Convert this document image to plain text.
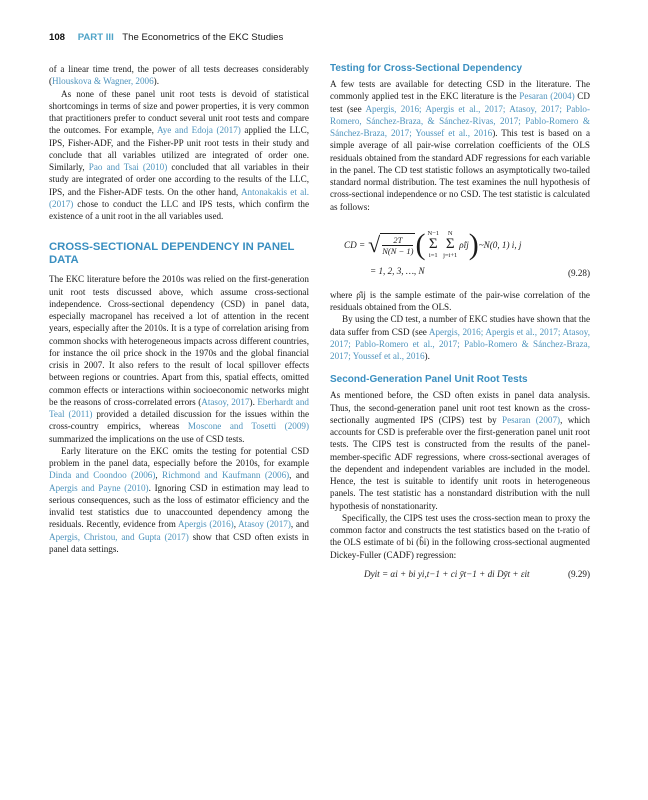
108 PART III The Econometrics of the EKC Studies

of a linear time trend, the power of all tests decreases considerably (Hlouskova & Wagner, 2006).

As none of these panel unit root tests is devoid of statistical shortcomings in terms of size and power properties, it is very common that practitioners prefer to conduct several unit root tests and compare the outcomes. For example, Aye and Edoja (2017) applied the LLC, IPS, Fisher-ADF, and the Fisher-PP unit root tests in their study and conclude that all variables utilized are integrated of order one. Similarly, Pao and Tsai (2010) concluded that all variables in their study are integrated of order one according to the results of the LLC, IPS, and the Fisher-ADF tests. On the other hand, Antonakakis et al. (2017) chose to conduct the LLC and IPS tests, which confirm the existence of a unit root in the all variables used.

CROSS-SECTIONAL DEPENDENCY IN PANEL DATA

The EKC literature before the 2010s was relied on the first-generation unit root tests discussed above, which assume cross-sectional independence. Cross-sectional dependency (CSD) in panel data, especially macropanel has received a lot of attention in the recent years, especially after the 2010s. It is a type of correlation arising from common shocks with heterogeneous impacts across different countries, for instance the oil price shock in the 1970s and the global financial crisis in 2007. It also refers to the result of local spillover effects between regions or countries. Apart from this, spatial effects, omitted common effects or interactions within socioeconomic networks might be the reasons of cross-correlated errors (Atasoy, 2017). Eberhardt and Teal (2011) provided a detailed discussion for the issues within the cross-country empirics, whereas Moscone and Tosetti (2009) summarized the implications on the use of CSD tests.

Early literature on the EKC omits the testing for potential CSD problem in the panel data, especially before the 2010s, for example Dinda and Coondoo (2006), Richmond and Kaufmann (2006), and Apergis and Payne (2010). Ignoring CSD in estimation may lead to serious consequences, such as the loss of estimator efficiency and the invalid test statistics due to unaccounted dependency among the residuals. Recently, evidence from Apergis (2016), Atasoy (2017), and Apergis, Christou, and Gupta (2017) show that CSD often exists in panel data settings.

Testing for Cross-Sectional Dependency

A few tests are available for detecting CSD in the literature. The commonly applied test in the EKC literature is the Pesaran (2004) CD test (see Apergis, 2016; Apergis et al., 2017; Atasoy, 2017; Pablo-Romero, Sánchez-Braza, & Sánchez-Rivas, 2017; Pablo-Romero & Sánchez-Braza, 2017; Youssef et al., 2016). This test is based on a simple average of all pair-wise correlation coefficients of the OLS residuals obtained from the standard ADF regressions for each variable in the panel. The CD test statistic follows an asymptotically two-tailed standard normal distribution. The test examines the null hypothesis of cross-sectional independence or no CSD. The test statistic is calculated as follows:

CD = √ $\frac{2T}{N(N - 1)}$ ( N−1
Σ
i=1
N
Σ
j=i+1
ρ̂ij ) ~N(0, 1) i, j
= 1, 2, 3, …, N	(9.28)

where ρ̂ij is the sample estimate of the pair-wise correlation of the residuals obtained from the OLS.

By using the CD test, a number of EKC studies have shown that the data suffer from CSD (see Apergis, 2016; Apergis et al., 2017; Atasoy, 2017; Pablo-Romero et al., 2017; Pablo-Romero & Sánchez-Braza, 2017; Youssef et al., 2016).

Second-Generation Panel Unit Root Tests

As mentioned before, the CSD often exists in panel data analysis. Thus, the second-generation panel unit root test known as the cross-sectionally augmented IPS (CIPS) test by Pesaran (2007), which accounts for CSD is preferable over the first-generation panel unit root tests. The CIPS test is constructed from the results of the panel-member-specific ADF regressions, where cross-sectional averages of the dependent and independent variables are included in the model. Hence, the test is suitable to identify unit roots in heterogeneous panels. The test statistic has a nonstandard distribution with the null hypothesis of nonstationarity.

Specifically, the CIPS test uses the cross-section mean to proxy the common factor and constructs the test statistics based on the t-ratio of the OLS estimate of bi (b̂i) in the following cross-sectional augmented Dickey-Fuller (CADF) regression:

Dyit = αi + bi yi,t−1 + ci ȳt−1 + di Dȳt + εit	(9.29)
